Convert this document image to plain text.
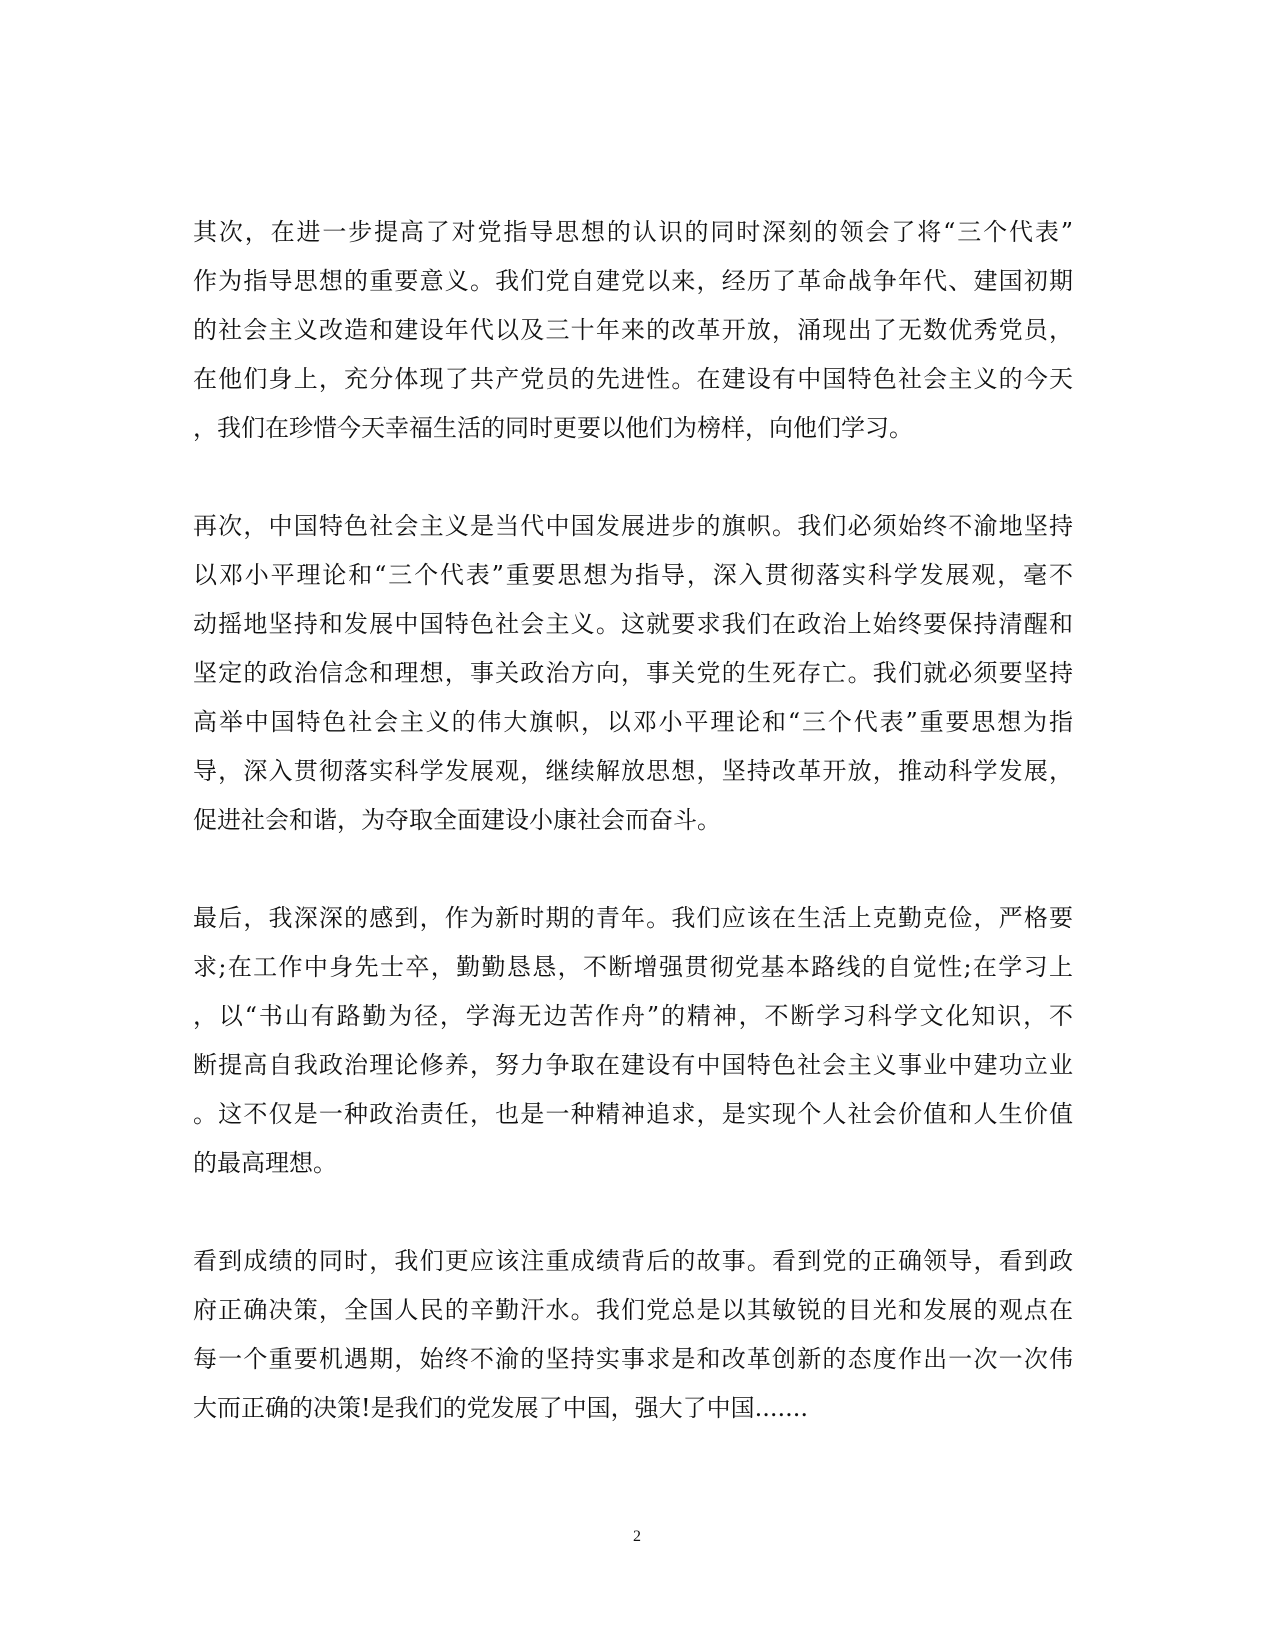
其次，在进一步提高了对党指导思想的认识的同时深刻的领会了将“三个代表”
作为指导思想的重要意义。我们党自建党以来，经历了革命战争年代、建国初期
的社会主义改造和建设年代以及三十年来的改革开放，涌现出了无数优秀党员，
在他们身上，充分体现了共产党员的先进性。在建设有中国特色社会主义的今天
，我们在珍惜今天幸福生活的同时更要以他们为榜样，向他们学习。
再次，中国特色社会主义是当代中国发展进步的旗帜。我们必须始终不渝地坚持
以邓小平理论和“三个代表”重要思想为指导，深入贯彻落实科学发展观，毫不
动摇地坚持和发展中国特色社会主义。这就要求我们在政治上始终要保持清醒和
坚定的政治信念和理想，事关政治方向，事关党的生死存亡。我们就必须要坚持
高举中国特色社会主义的伟大旗帜，以邓小平理论和“三个代表”重要思想为指
导，深入贯彻落实科学发展观，继续解放思想，坚持改革开放，推动科学发展，
促进社会和谐，为夺取全面建设小康社会而奋斗。
最后，我深深的感到，作为新时期的青年。我们应该在生活上克勤克俭，严格要
求;在工作中身先士卒，勤勤恳恳，不断增强贯彻党基本路线的自觉性;在学习上
，以“书山有路勤为径，学海无边苦作舟”的精神，不断学习科学文化知识，不
断提高自我政治理论修养，努力争取在建设有中国特色社会主义事业中建功立业
。这不仅是一种政治责任，也是一种精神追求，是实现个人社会价值和人生价值
的最高理想。
看到成绩的同时，我们更应该注重成绩背后的故事。看到党的正确领导，看到政
府正确决策，全国人民的辛勤汗水。我们党总是以其敏锐的目光和发展的观点在
每一个重要机遇期，始终不渝的坚持实事求是和改革创新的态度作出一次一次伟
大而正确的决策!是我们的党发展了中国，强大了中国.......
2
